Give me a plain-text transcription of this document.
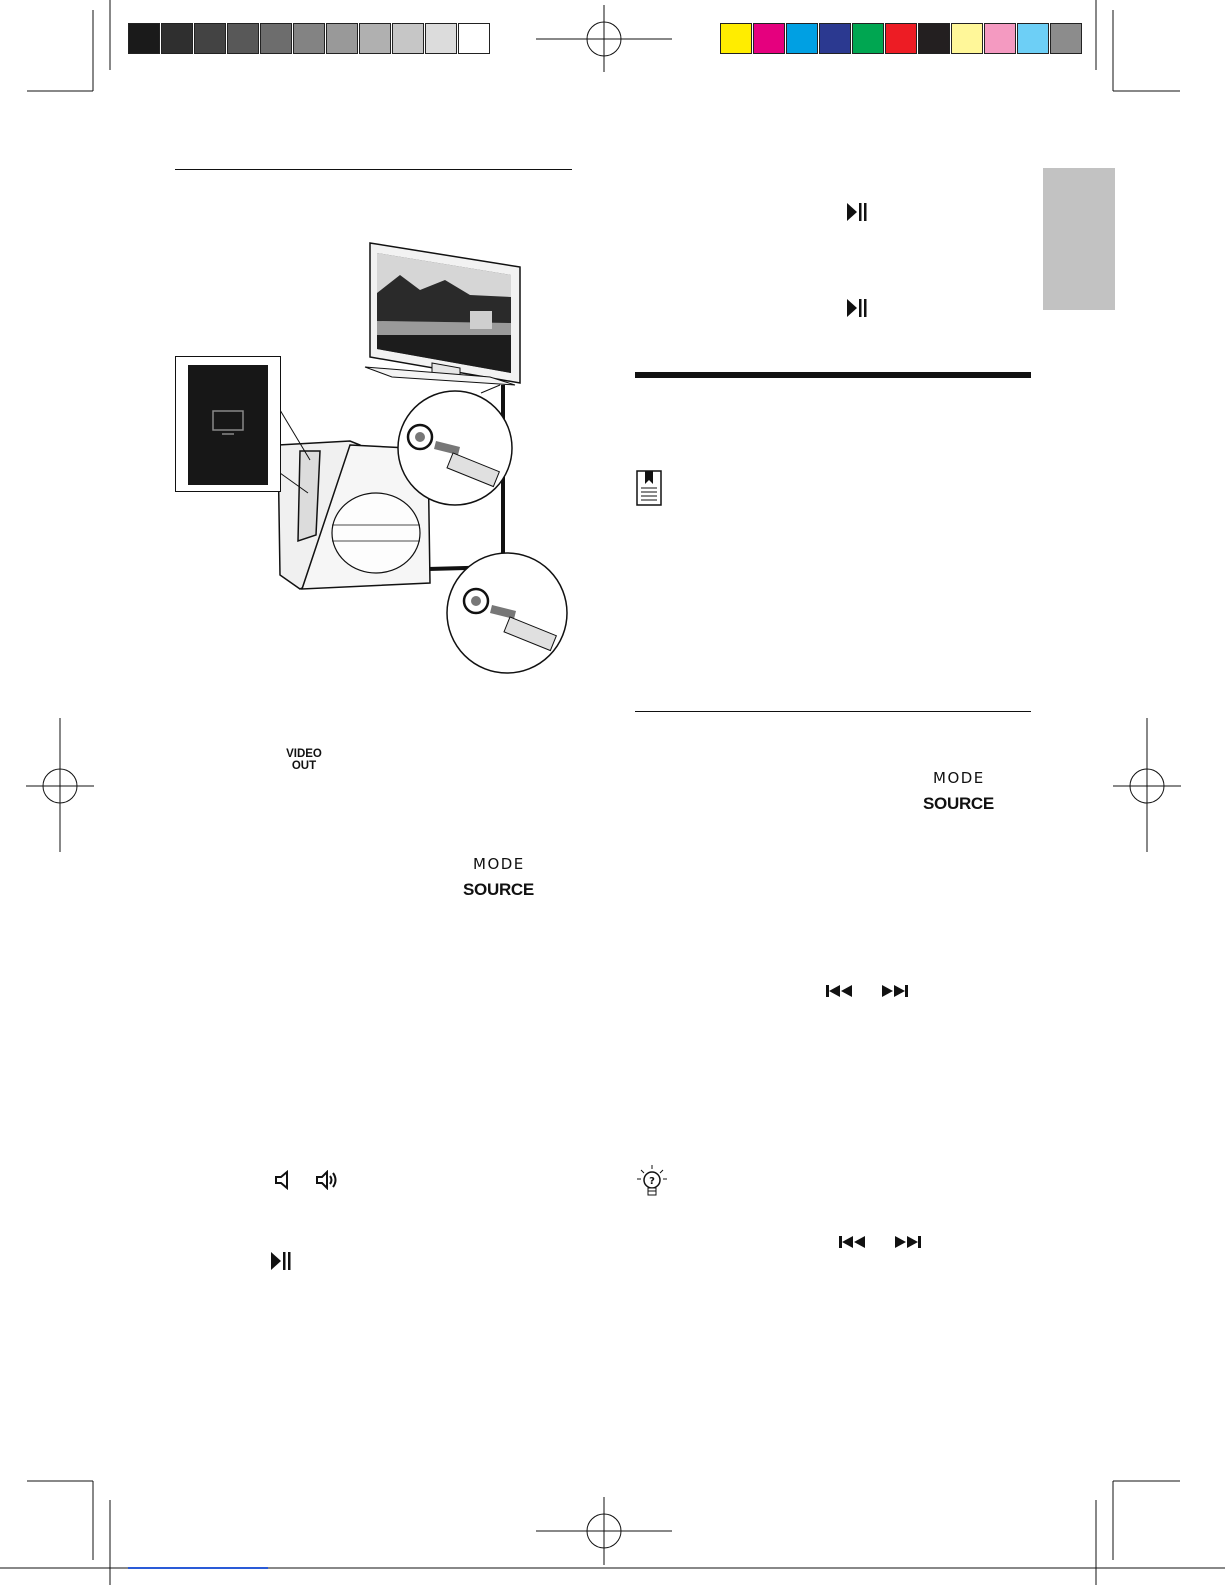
VIDEO
OUT
MODE
SOURCE
MODE
SOURCE
?
